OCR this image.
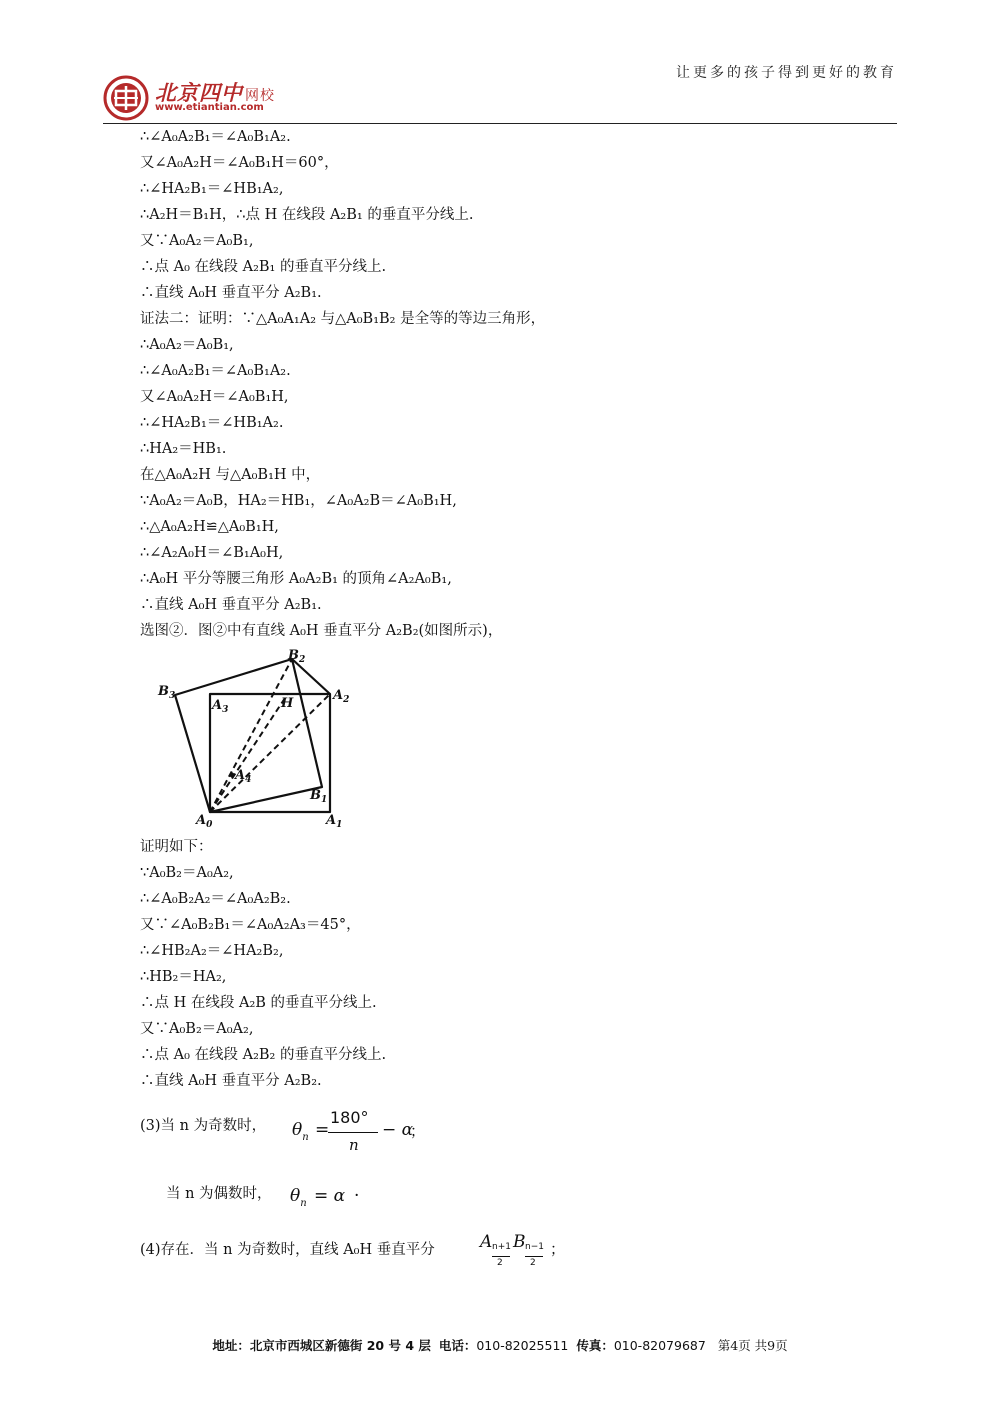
让更多的孩子得到更好的教育
北京四中 网校
www.etiantian.com
∴∠A₀A₂B₁＝∠A₀B₁A₂.
又∠A₀A₂H＝∠A₀B₁H＝60°，
∴∠HA₂B₁＝∠HB₁A₂,
∴A₂H＝B₁H，∴点 H 在线段 A₂B₁ 的垂直平分线上.
又∵A₀A₂＝A₀B₁,
∴点 A₀ 在线段 A₂B₁ 的垂直平分线上.
∴直线 A₀H 垂直平分 A₂B₁.
证法二：证明：∵△A₀A₁A₂ 与△A₀B₁B₂ 是全等的等边三角形，
∴A₀A₂＝A₀B₁,
∴∠A₀A₂B₁＝∠A₀B₁A₂.
又∠A₀A₂H＝∠A₀B₁H,
∴∠HA₂B₁＝∠HB₁A₂.
∴HA₂＝HB₁.
在△A₀A₂H 与△A₀B₁H 中，
∵A₀A₂＝A₀B，HA₂＝HB₁，∠A₀A₂B＝∠A₀B₁H,
∴△A₀A₂H≌△A₀B₁H,
∴∠A₂A₀H＝∠B₁A₀H,
∴A₀H 平分等腰三角形 A₀A₂B₁ 的顶角∠A₂A₀B₁,
∴直线 A₀H 垂直平分 A₂B₁.
选图②．图②中有直线 A₀H 垂直平分 A₂B₂(如图所示)，
$B_3$
$A_3$
$B_2$
$A_2$
H
$A_4$
$B_1$
$A_0$	$A_1$
证明如下：
∵A₀B₂＝A₀A₂,
∴∠A₀B₂A₂＝∠A₀A₂B₂.
又∵∠A₀B₂B₁＝∠A₀A₂A₃＝45°，
∴∠HB₂A₂＝∠HA₂B₂,
∴HB₂＝HA₂,
∴点 H 在线段 A₂B 的垂直平分线上.
又∵A₀B₂＝A₀A₂,
∴点 A₀ 在线段 A₂B₂ 的垂直平分线上.
∴直线 A₀H 垂直平分 A₂B₂.
(3)当 n 为奇数时， $\theta_n$ =
180°
n
− α
；
当 n 为偶数时， $\theta_n = \alpha$ ·
(4)存在．当 n 为奇数时，直线 A₀H 垂直平分	A n+1
2
B n−1
2
；
地址：北京市西城区新德街 20 号 4 层 电话：010-82025511 传真：010-82079687 第4页 共9页
